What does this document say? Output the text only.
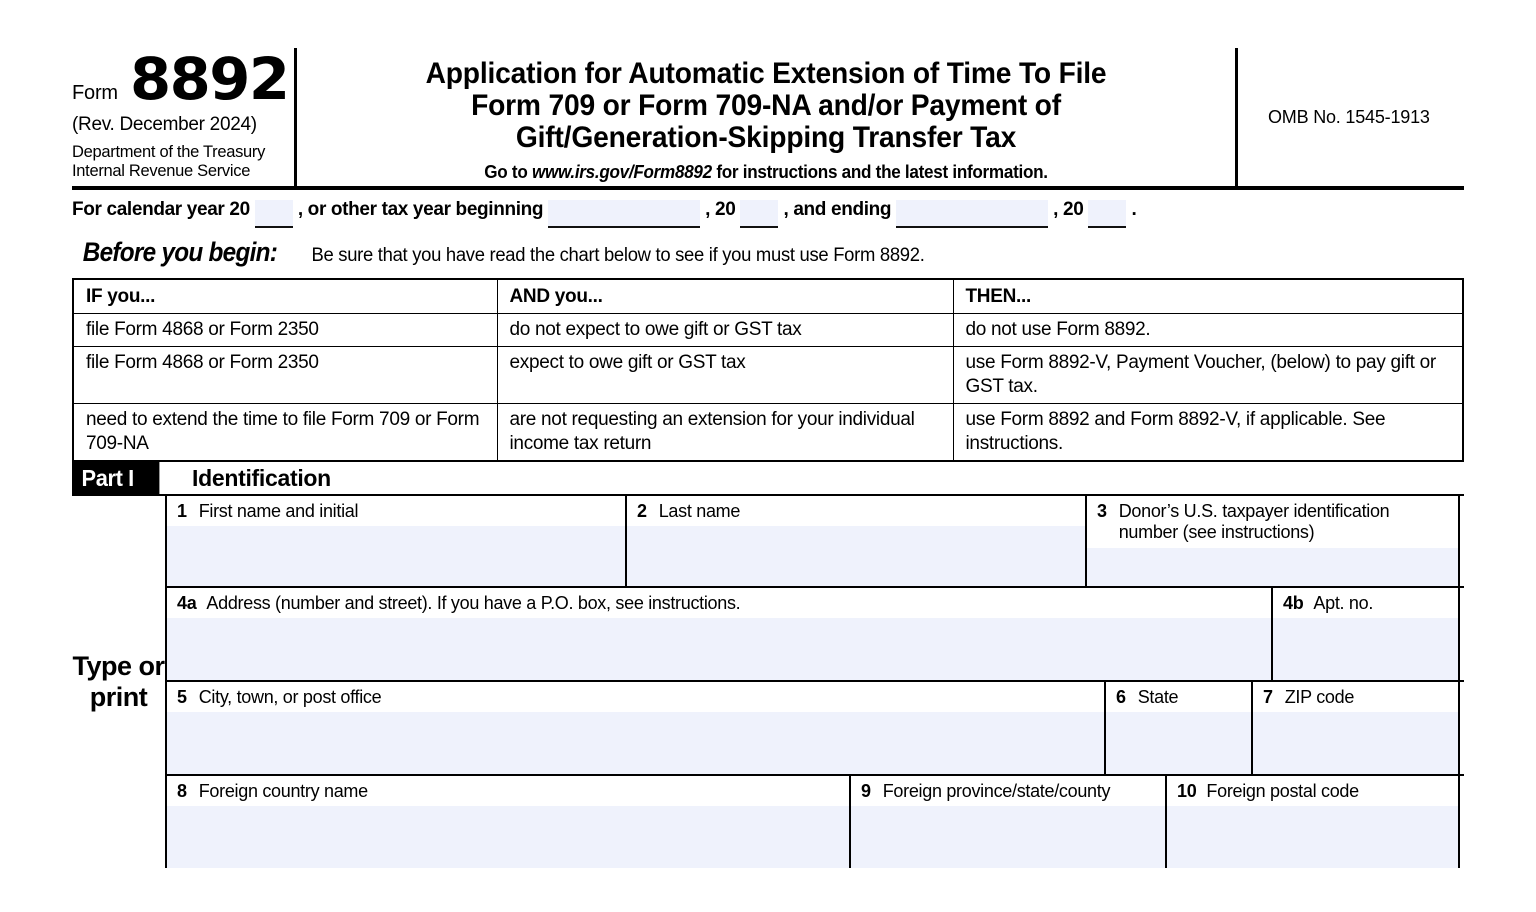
Form 8892
(Rev. December 2024)
Department of the Treasury
Internal Revenue Service
Application for Automatic Extension of Time To File
Form 709 or Form 709-NA and/or Payment of
Gift/Generation-Skipping Transfer Tax
Go to www.irs.gov/Form8892 for instructions and the latest information.
OMB No. 1545-1913
For calendar year 20	, or other tax year beginning	, 20	, and ending	, 20	.
Before you begin: Be sure that you have read the chart below to see if you must use Form 8892.
IF you...	AND you...	THEN...
file Form 4868 or Form 2350	do not expect to owe gift or GST tax	do not use Form 8892.
file Form 4868 or Form 2350	expect to owe gift or GST tax	use Form 8892-V, Payment Voucher, (below) to pay gift or GST tax.
need to extend the time to file Form 709 or Form 709-NA	are not requesting an extension for your individual income tax return	use Form 8892 and Form 8892-V, if applicable. See instructions.
Part I	Identification
Type or print
1 First name and initial	2 Last name	3 Donor’s U.S. taxpayer identification number (see instructions)
4a Address (number and street). If you have a P.O. box, see instructions.	4b Apt. no.
5 City, town, or post office	6 State	7 ZIP code
8 Foreign country name	9 Foreign province/state/county	10 Foreign postal code
